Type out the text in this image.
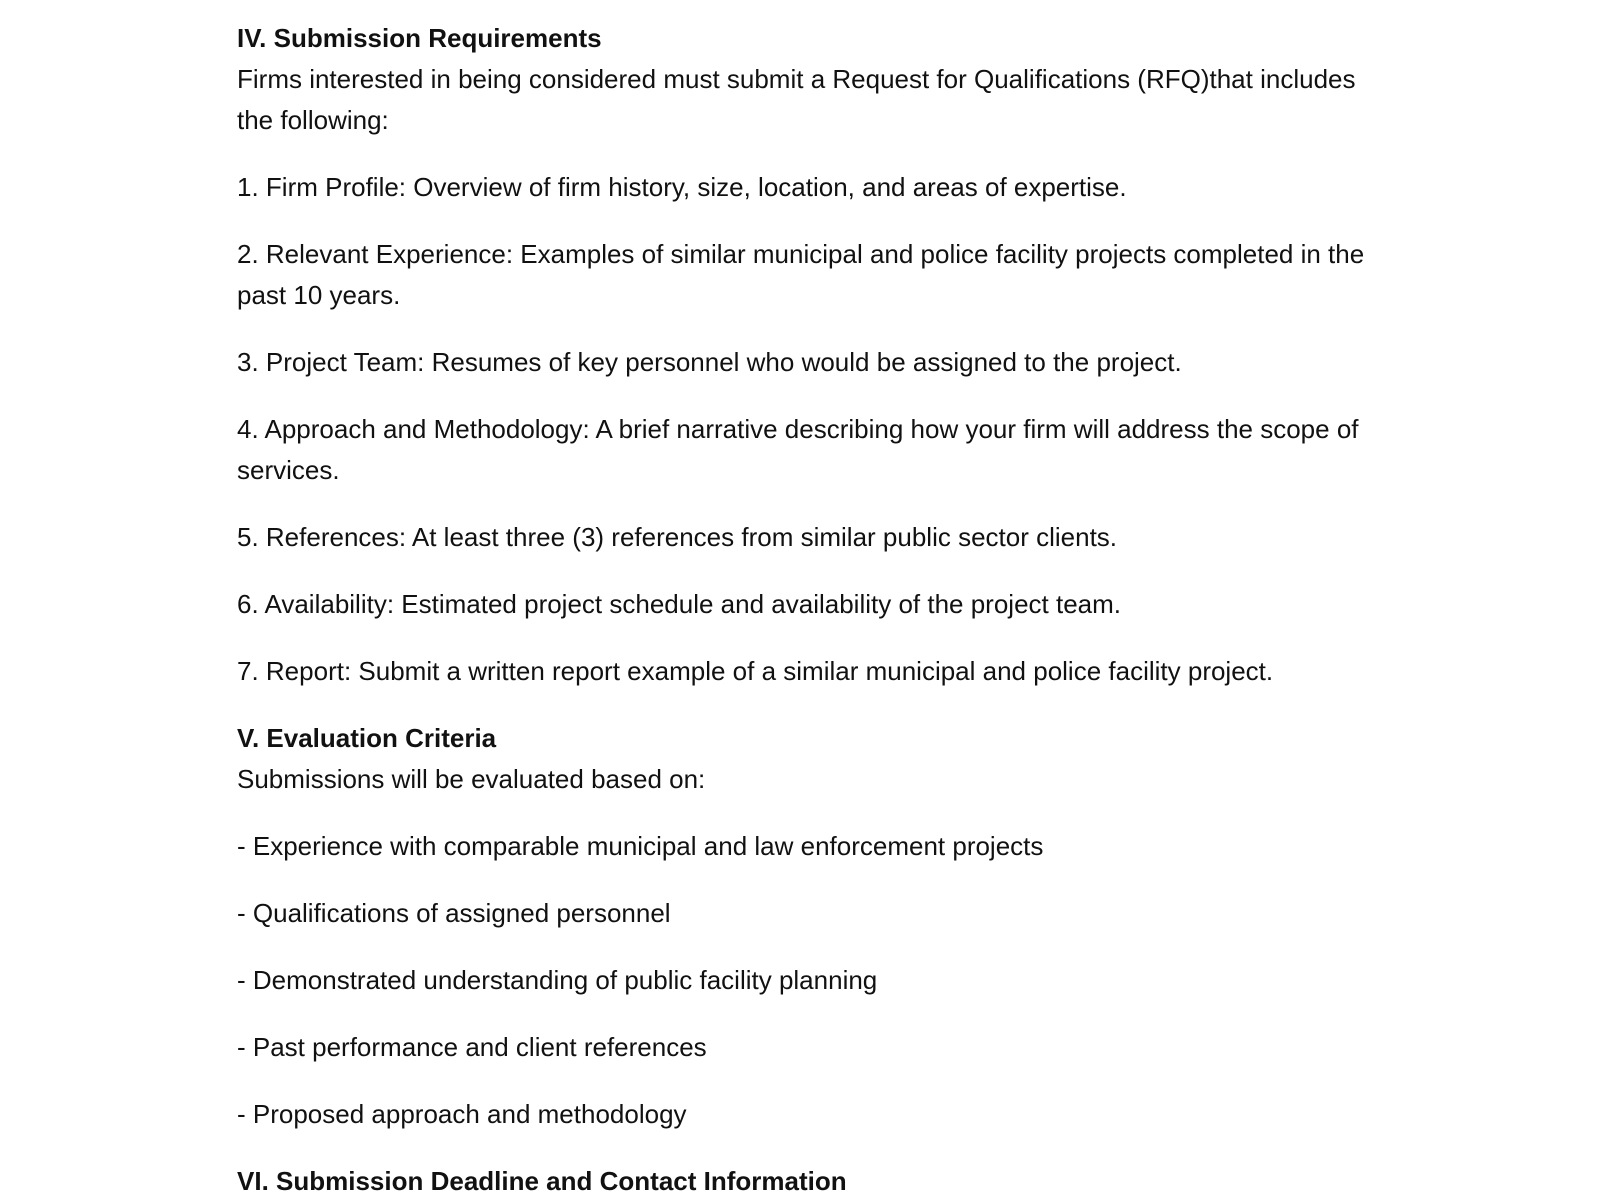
IV. Submission Requirements

Firms interested in being considered must submit a Request for Qualifications (RFQ)that includes the following:

1. Firm Profile: Overview of firm history, size, location, and areas of expertise.

2. Relevant Experience: Examples of similar municipal and police facility projects completed in the past 10 years.

3. Project Team: Resumes of key personnel who would be assigned to the project.

4. Approach and Methodology: A brief narrative describing how your firm will address the scope of services.

5. References: At least three (3) references from similar public sector clients.

6. Availability: Estimated project schedule and availability of the project team.

7. Report: Submit a written report example of a similar municipal and police facility project.

V. Evaluation Criteria

Submissions will be evaluated based on:

- Experience with comparable municipal and law enforcement projects

- Qualifications of assigned personnel

- Demonstrated understanding of public facility planning

- Past performance and client references

- Proposed approach and methodology

VI. Submission Deadline and Contact Information
